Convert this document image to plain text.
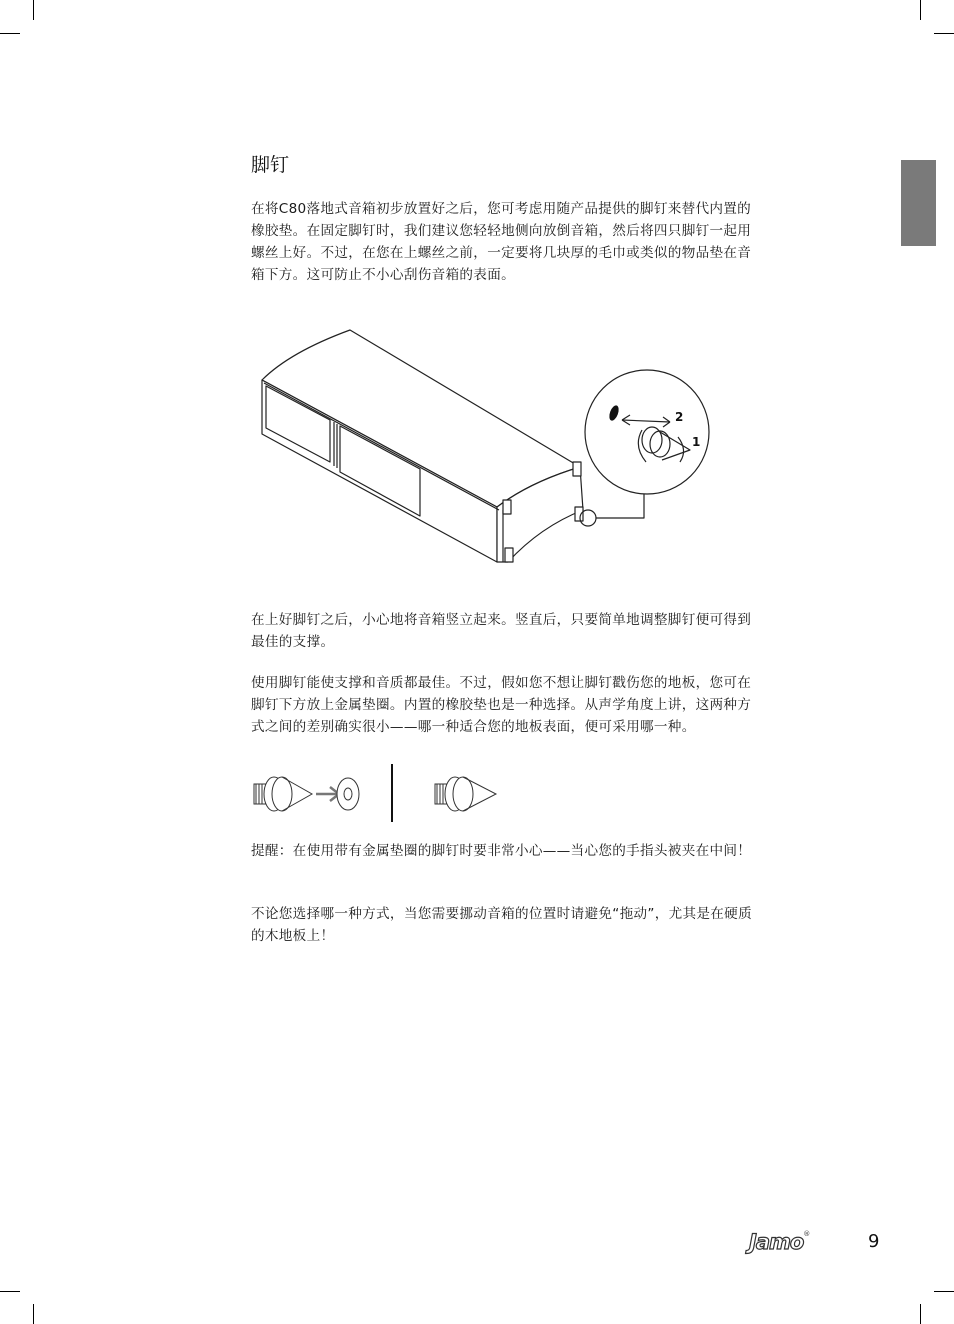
脚钉

在将C80落地式音箱初步放置好之后，您可考虑用随产品提供的脚钉来替代内置的橡胶垫。在固定脚钉时，我们建议您轻轻地侧向放倒音箱，然后将四只脚钉一起用螺丝上好。不过，在您在上螺丝之前，一定要将几块厚的毛巾或类似的物品垫在音箱下方。这可防止不小心刮伤音箱的表面。

2
1

在上好脚钉之后，小心地将音箱竖立起来。竖直后，只要简单地调整脚钉便可得到最佳的支撑。

使用脚钉能使支撑和音质都最佳。不过，假如您不想让脚钉戳伤您的地板，您可在脚钉下方放上金属垫圈。内置的橡胶垫也是一种选择。从声学角度上讲，这两种方式之间的差别确实很小——哪一种适合您的地板表面，便可采用哪一种。

提醒：在使用带有金属垫圈的脚钉时要非常小心——当心您的手指头被夹在中间！

不论您选择哪一种方式，当您需要挪动音箱的位置时请避免“拖动”，尤其是在硬质的木地板上！

Jamo®	9
